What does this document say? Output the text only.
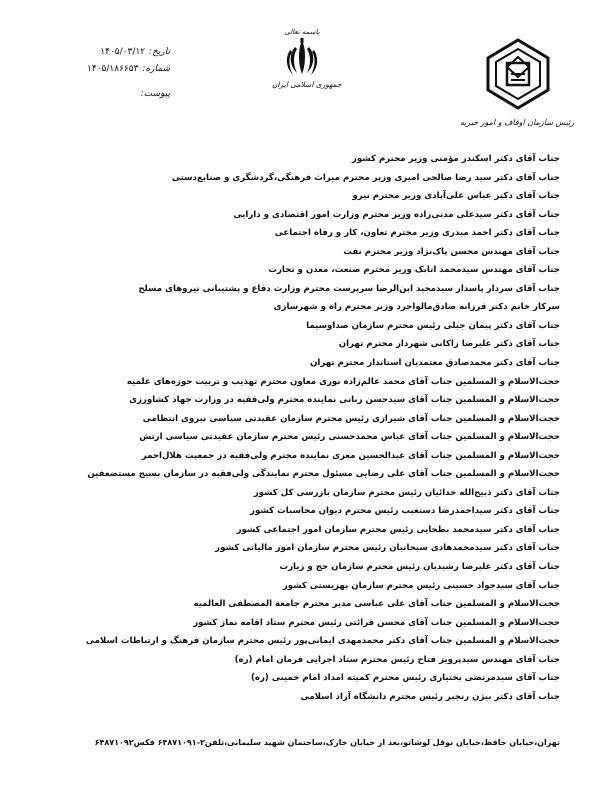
تاریخ:
۱۴۰۵/۰۳/۱۲
شماره:
۱۴۰۵/۱۸۶۶۵۳
پیوست:
باسمه تعالی
جمهوری اسلامی ایران
رئیس سازمان اوقاف و امور خیریه
جناب آقای دکتر اسکندر مؤمنی وزیر محترم کشور
جناب آقای دکتر سید رضا صالحی امیری وزیر محترم میراث فرهنگی،گردشگری و صنایع‌دستی
جناب آقای دکتر عباس علی‌آبادی وزیر محترم نیرو
جناب آقای دکتر سیدعلی مدنی‌زاده وزیر محترم وزارت امور اقتصادی و دارایی
جناب آقای دکتر احمد میدری وزیر محترم تعاون، کار و رفاه اجتماعی
جناب آقای مهندس محسن پاک‌نژاد وزیر محترم نفت
جناب آقای مهندس سیدمحمد اتابک وزیر محترم صنعت، معدن و تجارت
جناب آقای سردار پاسدار سیدمجید ابن‌الرضا سرپرست محترم وزارت دفاع و پشتیبانی نیروهای مسلح
سرکار خانم دکتر فرزانه صادق‌مالواجرد وزیر محترم راه و شهرسازی
جناب آقای دکتر پیمان جبلی رئیس محترم سازمان صداوسیما
جناب آقای دکتر علیرضا زاکانی شهردار محترم تهران
جناب آقای دکتر محمدصادق معتمدیان استاندار محترم تهران
حجت‌الاسلام و المسلمین جناب آقای محمد عالم‌زاده نوری معاون محترم تهذیب و تربیت حوزه‌های علمیه
حجت‌الاسلام و المسلمین جناب آقای سیدحسن ربانی نماینده محترم ولی‌فقیه در وزارت جهاد کشاورزی
حجت‌الاسلام و المسلمین جناب آقای شیرازی رئیس محترم سازمان عقیدتی سیاسی نیروی انتظامی
حجت‌الاسلام و المسلمین جناب آقای عباس محمدحسنی رئیس محترم سازمان عقیدتی سیاسی ارتش
حجت‌الاسلام و المسلمین جناب آقای عبدالحسین معزی نماینده محترم ولی‌فقیه در جمعیت هلال‌احمر
حجت‌الاسلام و المسلمین جناب آقای علی رضایی مسئول محترم نمایندگی ولی‌فقیه در سازمان بسیج مستضعفین
جناب آقای دکتر ذبیح‌الله خدائیان رئیس محترم سازمان بازرسی کل کشور
جناب آقای دکتر سیداحمدرضا دستغیب رئیس محترم دیوان محاسبات کشور
جناب آقای دکتر سیدمحمد بطحایی رئیس محترم سازمان امور اجتماعی کشور
جناب آقای دکتر سیدمحمدهادی سبحانیان رئیس محترم سازمان امور مالیاتی کشور
جناب آقای دکتر علیرضا رشیدیان رئیس محترم سازمان حج و زیارت
جناب آقای سیدجواد حسینی رئیس محترم سازمان بهزیستی کشور
حجت‌الاسلام و المسلمین جناب آقای علی عباسی مدیر محترم جامعة المصطفی العالمیه
حجت‌الاسلام و المسلمین جناب آقای محسن قرائتی رئیس محترم ستاد اقامه نماز کشور
حجت‌الاسلام و المسلمین جناب آقای دکتر محمدمهدی ایمانی‌پور رئیس محترم سازمان فرهنگ و ارتباطات اسلامی
جناب آقای مهندس سیدپرویز فتاح رئیس محترم ستاد اجرایی فرمان امام (ره)
جناب آقای سیدمرتضی بختیاری رئیس محترم کمیته امداد امام خمینی (ره)
جناب آقای دکتر بیژن رنجبر رئیس محترم دانشگاه آزاد اسلامی
تهران،خیابان حافظ،خیابان نوفل لوشاتو،بعد از خیابان خارک،ساختمان شهید سلیمانی،تلفن۲-۶۴۸۷۱۰۹۱ فکس۶۴۸۷۱۰۹۲
